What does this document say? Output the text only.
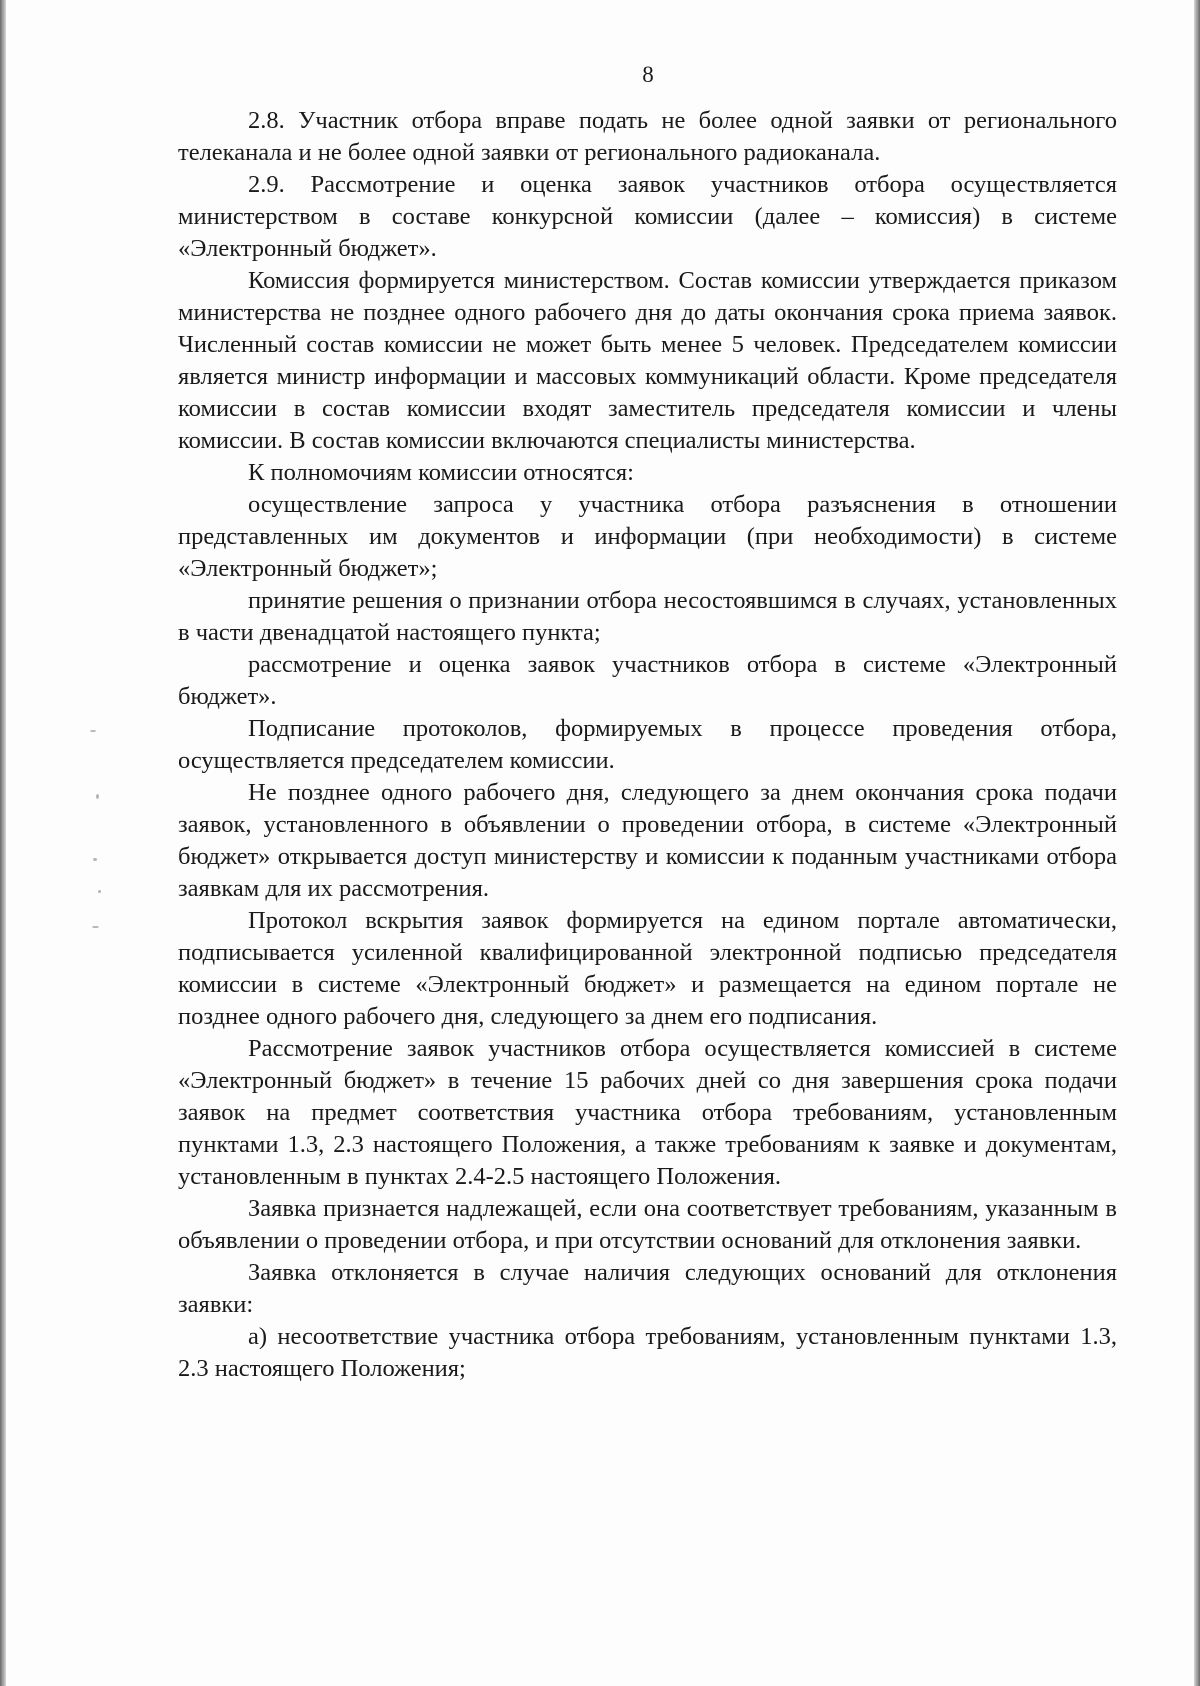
8

2.8. Участник отбора вправе подать не более одной заявки от регионального телеканала и не более одной заявки от регионального радиоканала.

2.9. Рассмотрение и оценка заявок участников отбора осуществляется министерством в составе конкурсной комиссии (далее – комиссия) в системе «Электронный бюджет».

Комиссия формируется министерством. Состав комиссии утверждается приказом министерства не позднее одного рабочего дня до даты окончания срока приема заявок. Численный состав комиссии не может быть менее 5 человек. Председателем комиссии является министр информации и массовых коммуникаций области. Кроме председателя комиссии в состав комиссии входят заместитель председателя комиссии и члены комиссии. В состав комиссии включаются специалисты министерства.

К полномочиям комиссии относятся:

осуществление запроса у участника отбора разъяснения в отношении представленных им документов и информации (при необходимости) в системе «Электронный бюджет»;

принятие решения о признании отбора несостоявшимся в случаях, установленных в части двенадцатой настоящего пункта;

рассмотрение и оценка заявок участников отбора в системе «Электронный бюджет».

Подписание протоколов, формируемых в процессе проведения отбора, осуществляется председателем комиссии.

Не позднее одного рабочего дня, следующего за днем окончания срока подачи заявок, установленного в объявлении о проведении отбора, в системе «Электронный бюджет» открывается доступ министерству и комиссии к поданным участниками отбора заявкам для их рассмотрения.

Протокол вскрытия заявок формируется на едином портале автоматически, подписывается усиленной квалифицированной электронной подписью председателя комиссии в системе «Электронный бюджет» и размещается на едином портале не позднее одного рабочего дня, следующего за днем его подписания.

Рассмотрение заявок участников отбора осуществляется комиссией в системе «Электронный бюджет» в течение 15 рабочих дней со дня завершения срока подачи заявок на предмет соответствия участника отбора требованиям, установленным пунктами 1.3, 2.3 настоящего Положения, а также требованиям к заявке и документам, установленным в пунктах 2.4-2.5 настоящего Положения.

Заявка признается надлежащей, если она соответствует требованиям, указанным в объявлении о проведении отбора, и при отсутствии оснований для отклонения заявки.

Заявка отклоняется в случае наличия следующих оснований для отклонения заявки:

а) несоответствие участника отбора требованиям, установленным пунктами 1.3, 2.3 настоящего Положения;
